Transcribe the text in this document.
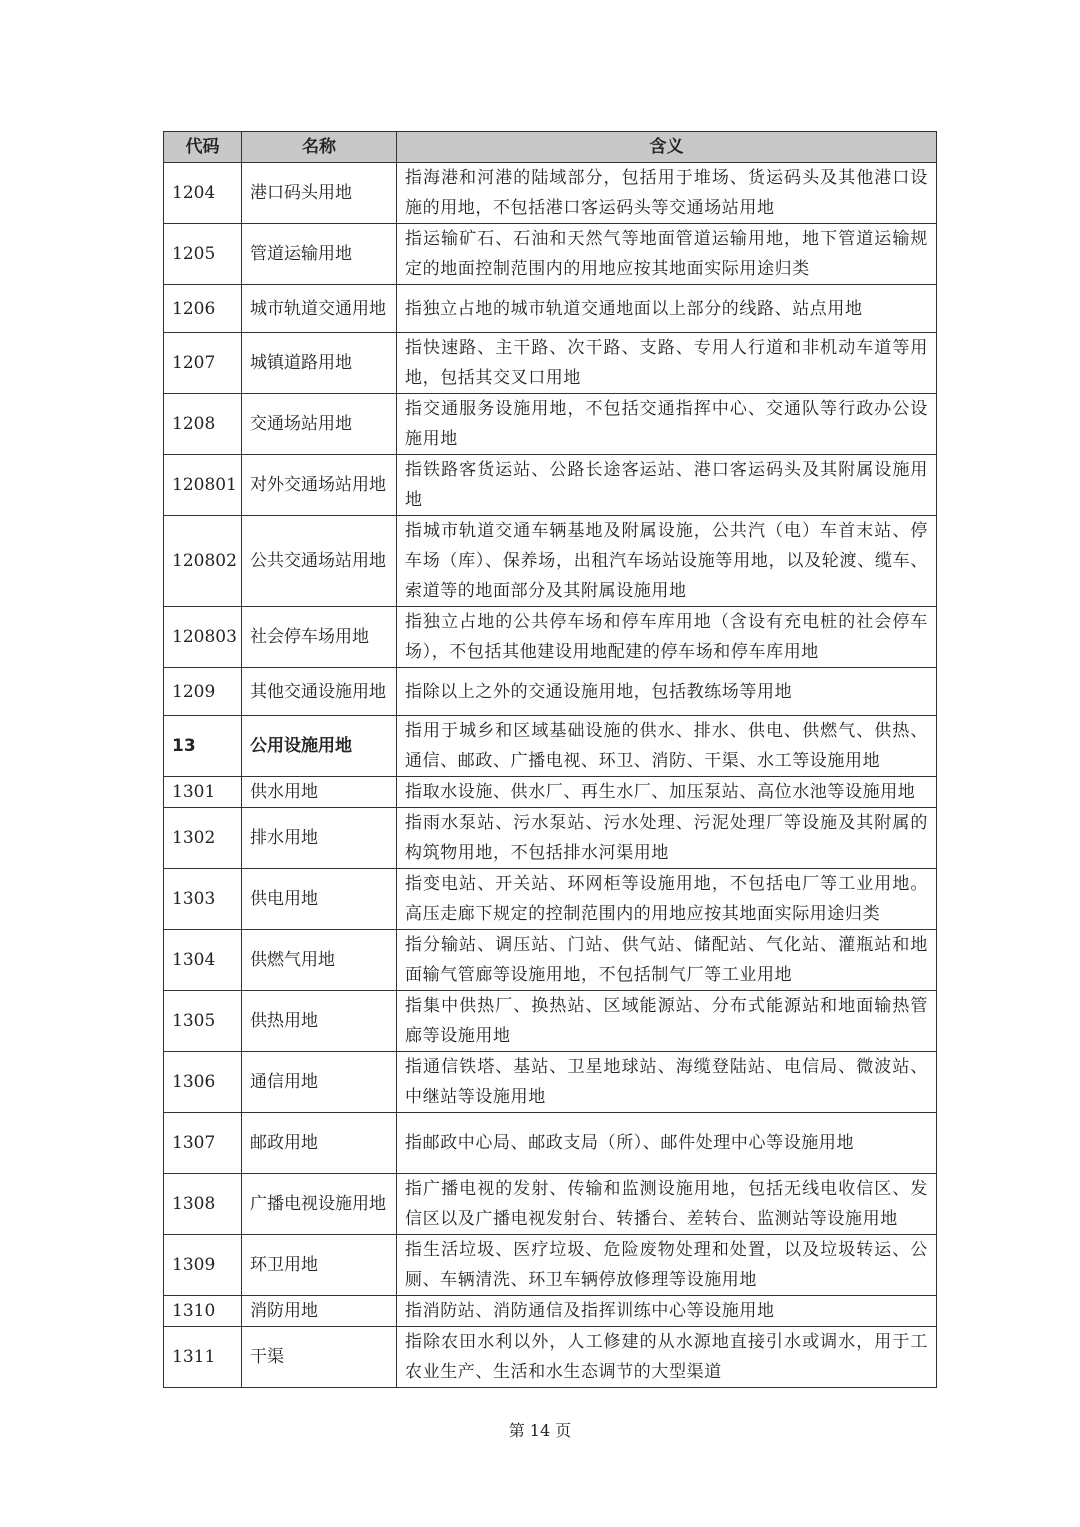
代码	名称	含义
1204	港口码头用地	指海港和河港的陆域部分，包括用于堆场、货运码头及其他港口设施的用地，不包括港口客运码头等交通场站用地
1205	管道运输用地	指运输矿石、石油和天然气等地面管道运输用地，地下管道运输规定的地面控制范围内的用地应按其地面实际用途归类
1206	城市轨道交通用地	指独立占地的城市轨道交通地面以上部分的线路、站点用地
1207	城镇道路用地	指快速路、主干路、次干路、支路、专用人行道和非机动车道等用地，包括其交叉口用地
1208	交通场站用地	指交通服务设施用地，不包括交通指挥中心、交通队等行政办公设施用地
120801	对外交通场站用地	指铁路客货运站、公路长途客运站、港口客运码头及其附属设施用地
120802	公共交通场站用地	指城市轨道交通车辆基地及附属设施，公共汽（电）车首末站、停车场（库）、保养场，出租汽车场站设施等用地，以及轮渡、缆车、索道等的地面部分及其附属设施用地
120803	社会停车场用地	指独立占地的公共停车场和停车库用地（含设有充电桩的社会停车场），不包括其他建设用地配建的停车场和停车库用地
1209	其他交通设施用地	指除以上之外的交通设施用地，包括教练场等用地
13	公用设施用地	指用于城乡和区域基础设施的供水、排水、供电、供燃气、供热、通信、邮政、广播电视、环卫、消防、干渠、水工等设施用地
1301	供水用地	指取水设施、供水厂、再生水厂、加压泵站、高位水池等设施用地
1302	排水用地	指雨水泵站、污水泵站、污水处理、污泥处理厂等设施及其附属的构筑物用地，不包括排水河渠用地
1303	供电用地	指变电站、开关站、环网柜等设施用地，不包括电厂等工业用地。高压走廊下规定的控制范围内的用地应按其地面实际用途归类
1304	供燃气用地	指分输站、调压站、门站、供气站、储配站、气化站、灌瓶站和地面输气管廊等设施用地，不包括制气厂等工业用地
1305	供热用地	指集中供热厂、换热站、区域能源站、分布式能源站和地面输热管廊等设施用地
1306	通信用地	指通信铁塔、基站、卫星地球站、海缆登陆站、电信局、微波站、中继站等设施用地
1307	邮政用地	指邮政中心局、邮政支局（所）、邮件处理中心等设施用地
1308	广播电视设施用地	指广播电视的发射、传输和监测设施用地，包括无线电收信区、发信区以及广播电视发射台、转播台、差转台、监测站等设施用地
1309	环卫用地	指生活垃圾、医疗垃圾、危险废物处理和处置，以及垃圾转运、公厕、车辆清洗、环卫车辆停放修理等设施用地
1310	消防用地	指消防站、消防通信及指挥训练中心等设施用地
1311	干渠	指除农田水利以外，人工修建的从水源地直接引水或调水，用于工农业生产、生活和水生态调节的大型渠道
第 14 页
